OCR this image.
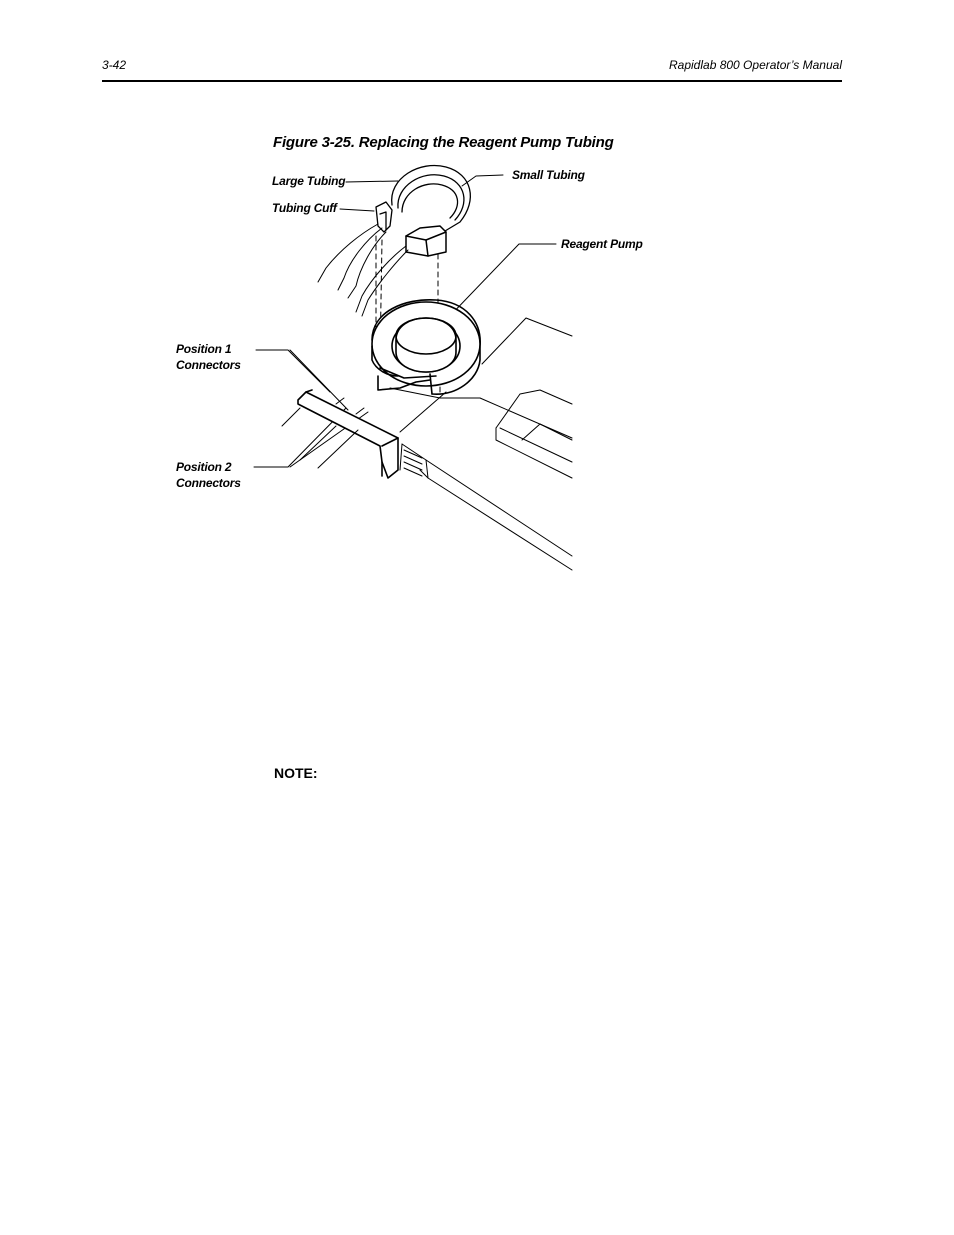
3-42	Rapidlab 800 Operator’s Manual
Figure 3-25. Replacing the Reagent Pump Tubing
Large Tubing
Tubing Cuff
Small Tubing
Reagent Pump
Position 1
Connectors
Position 2
Connectors
NOTE:
